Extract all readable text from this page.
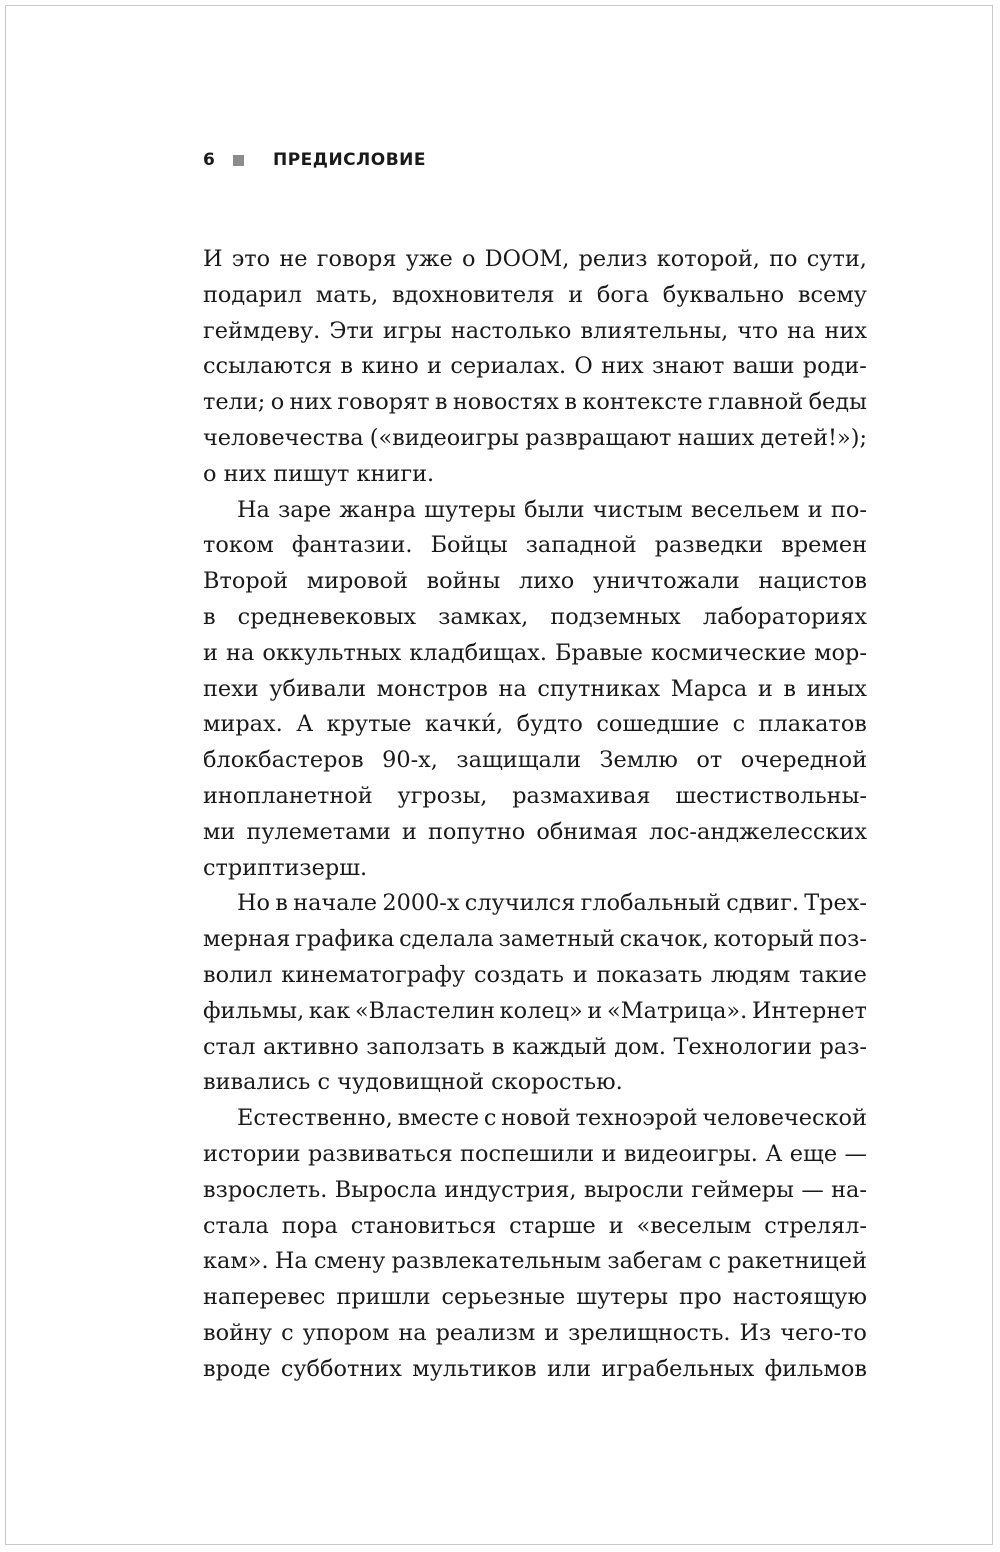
6	ПРЕДИСЛОВИЕ
И это не говоря уже о DOOM, релиз которой, по сути,
подарил мать, вдохновителя и бога буквально всему
геймдеву. Эти игры настолько влиятельны, что на них
ссылаются в кино и сериалах. О них знают ваши роди-
тели; о них говорят в новостях в контексте главной беды
человечества («видеоигры развращают наших детей!»);
о них пишут книги.
На заре жанра шутеры были чистым весельем и по-
током фантазии. Бойцы западной разведки времен
Второй мировой войны лихо уничтожали нацистов
в средневековых замках, подземных лабораториях
и на оккультных кладбищах. Бравые космические мор-
пехи убивали монстров на спутниках Марса и в иных
мирах. А крутые качки́, будто сошедшие с плакатов
блокбастеров 90-х, защищали Землю от очередной
инопланетной угрозы, размахивая шестиствольны-
ми пулеметами и попутно обнимая лос-анджелесских
стриптизерш.
Но в начале 2000-х случился глобальный сдвиг. Трех-
мерная графика сделала заметный скачок, который поз-
волил кинематографу создать и показать людям такие
фильмы, как «Властелин колец» и «Матрица». Интернет
стал активно заползать в каждый дом. Технологии раз-
вивались с чудовищной скоростью.
Естественно, вместе с новой техноэрой человеческой
истории развиваться поспешили и видеоигры. А еще —
взрослеть. Выросла индустрия, выросли геймеры — на-
стала пора становиться старше и «веселым стрелял-
кам». На смену развлекательным забегам с ракетницей
наперевес пришли серьезные шутеры про настоящую
войну с упором на реализм и зрелищность. Из чего-то
вроде субботних мультиков или играбельных фильмов
